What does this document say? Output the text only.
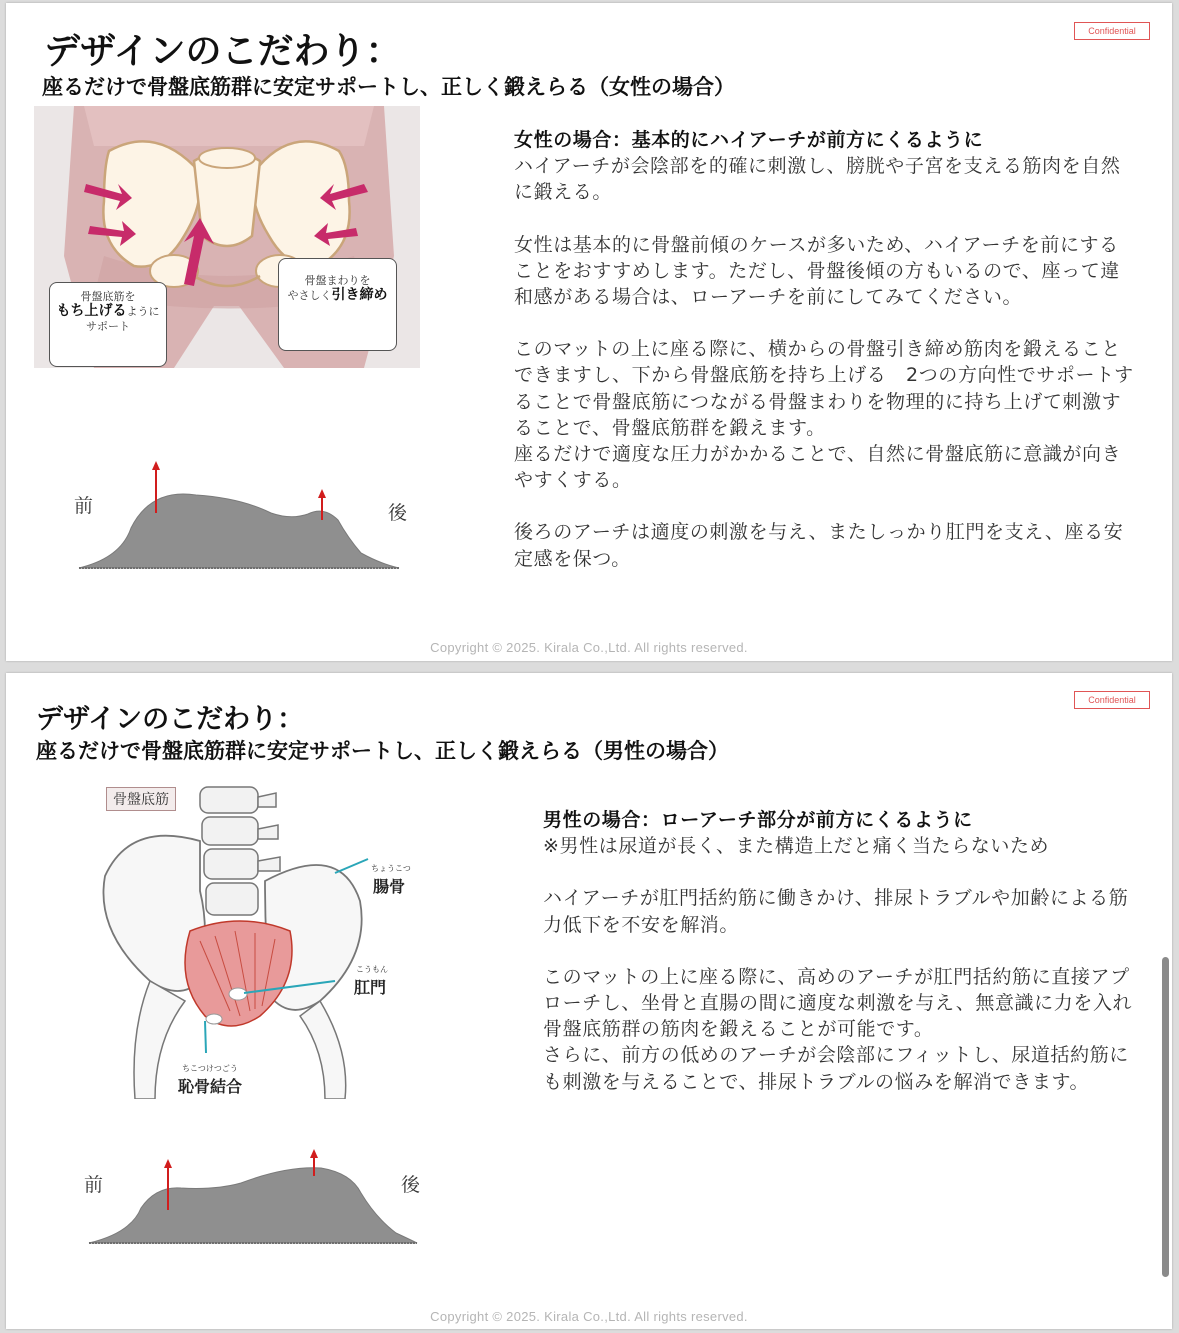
Confidential
デザインのこだわり：
座るだけで骨盤底筋群に安定サポートし、正しく鍛えらる（女性の場合）
骨盤底筋を
もち上げるように
サポート
骨盤まわりを
やさしく引き締め
前	後

女性の場合：基本的にハイアーチが前方にくるように
ハイアーチが会陰部を的確に刺激し、膀胱や子宮を支える筋肉を自然に鍛える。

女性は基本的に骨盤前傾のケースが多いため、ハイアーチを前にすることをおすすめします。ただし、骨盤後傾の方もいるので、座って違和感がある場合は、ローアーチを前にしてみてください。

このマットの上に座る際に、横からの骨盤引き締め筋肉を鍛えることできますし、下から骨盤底筋を持ち上げる　2つの方向性でサポートすることで骨盤底筋につながる骨盤まわりを物理的に持ち上げて刺激することで、骨盤底筋群を鍛えます。
座るだけで適度な圧力がかかることで、自然に骨盤底筋に意識が向きやすくする。

後ろのアーチは適度の刺激を与え、またしっかり肛門を支え、座る安定感を保つ。

Copyright © 2025. Kirala Co.,Ltd. All rights reserved.
Confidential
デザインのこだわり：
座るだけで骨盤底筋群に安定サポートし、正しく鍛えらる（男性の場合）
骨盤底筋
ちょうこつ
腸骨
こうもん
肛門
ちこつけつごう
恥骨結合
前	後

男性の場合：ローアーチ部分が前方にくるように
※男性は尿道が長く、また構造上だと痛く当たらないため

ハイアーチが肛門括約筋に働きかけ、排尿トラブルや加齢による筋力低下を不安を解消。

このマットの上に座る際に、高めのアーチが肛門括約筋に直接アプローチし、坐骨と直腸の間に適度な刺激を与え、無意識に力を入れ骨盤底筋群の筋肉を鍛えることが可能です。
さらに、前方の低めのアーチが会陰部にフィットし、尿道括約筋にも刺激を与えることで、排尿トラブルの悩みを解消できます。

Copyright © 2025. Kirala Co.,Ltd. All rights reserved.
